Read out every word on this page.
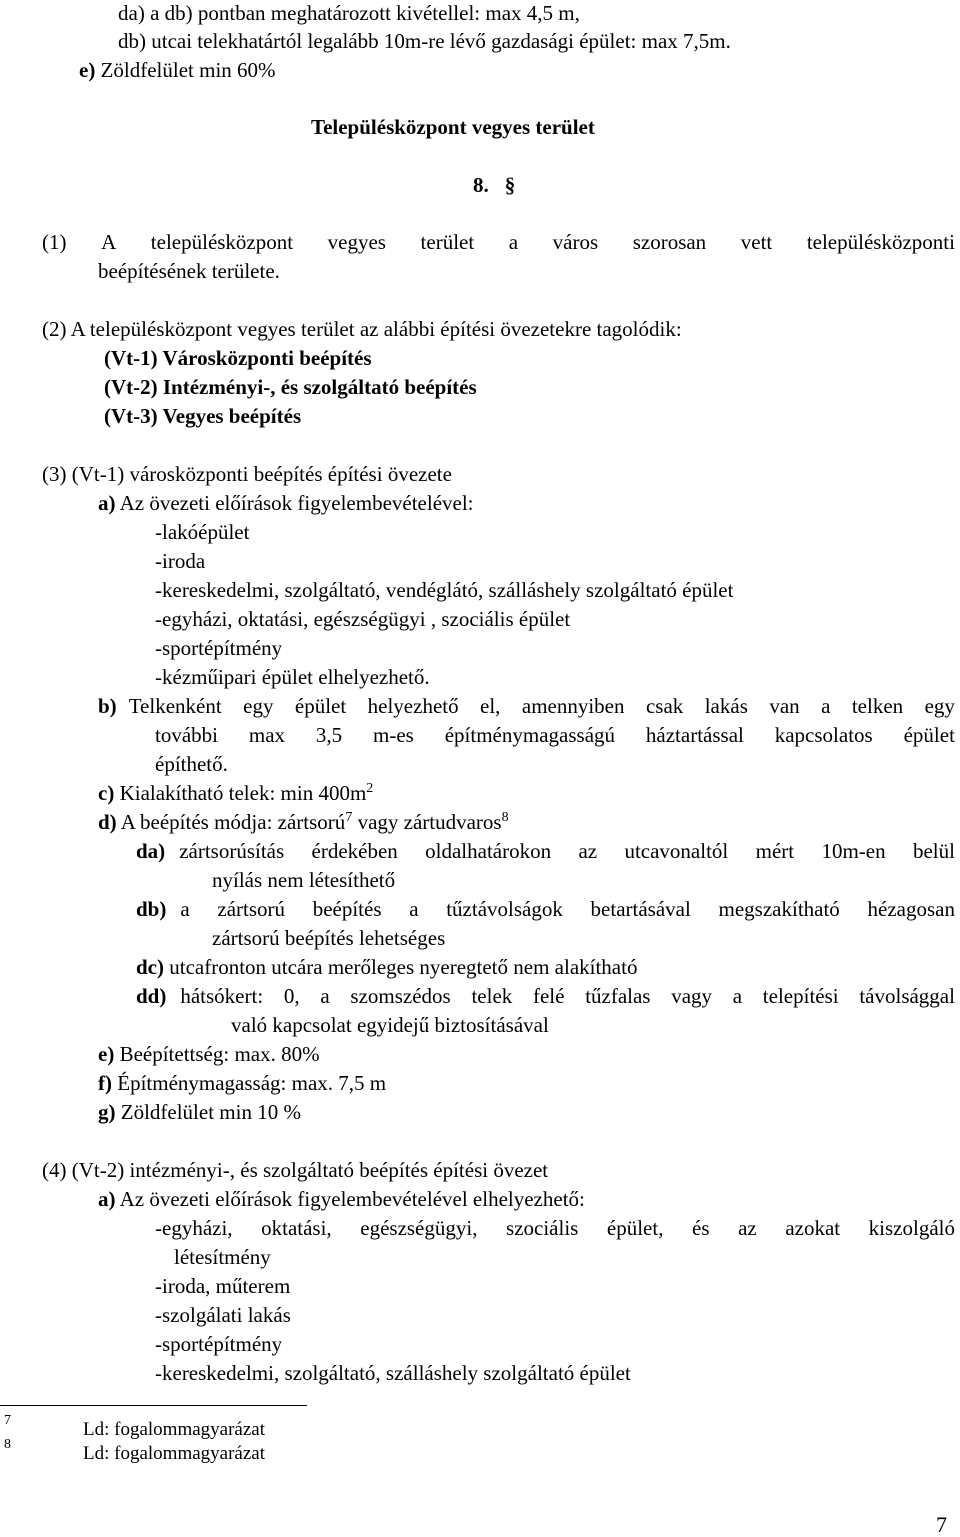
da) a db) pontban meghatározott kivétellel: max 4,5 m,
db) utcai telekhatártól legalább 10m-re lévő gazdasági épület: max 7,5m.
e) Zöldfelület min 60%
Településközpont vegyes terület
8. §
(1) A településközpont vegyes terület a város szorosan vett településközponti
beépítésének területe.
(2) A településközpont vegyes terület az alábbi építési övezetekre tagolódik:
(Vt-1) Városközponti beépítés
(Vt-2) Intézményi-, és szolgáltató beépítés
(Vt-3) Vegyes beépítés
(3) (Vt-1) városközponti beépítés építési övezete
a) Az övezeti előírások figyelembevételével:
-lakóépület
-iroda
-kereskedelmi, szolgáltató, vendéglátó, szálláshely szolgáltató épület
-egyházi, oktatási, egészségügyi , szociális épület
-sportépítmény
-kézműipari épület elhelyezhető.
b) Telkenként egy épület helyezhető el, amennyiben csak lakás van a telken egy
további max 3,5 m-es építménymagasságú háztartással kapcsolatos épület
építhető.
c) Kialakítható telek: $\min 400m^2$
d) A beépítés módja: zártsorú$^7$ vagy zártudvaros$^8$
da) zártsorúsítás érdekében oldalhatárokon az utcavonaltól mért 10m-en belül
nyílás nem létesíthető
db) a zártsorú beépítés a tűztávolságok betartásával megszakítható hézagosan
zártsorú beépítés lehetséges
dc) utcafronton utcára merőleges nyeregtető nem alakítható
dd) hátsókert: 0, a szomszédos telek felé tűzfalas vagy a telepítési távolsággal
való kapcsolat egyidejű biztosításával
e) Beépítettség: max. 80%
f) Építménymagasság: max. 7,5 m
g) Zöldfelület min 10 %
(4) (Vt-2) intézményi-, és szolgáltató beépítés építési övezet
a) Az övezeti előírások figyelembevételével elhelyezhető:
-egyházi, oktatási, egészségügyi, szociális épület, és az azokat kiszolgáló
létesítmény
-iroda, műterem
-szolgálati lakás
-sportépítmény
-kereskedelmi, szolgáltató, szálláshely szolgáltató épület
7	Ld: fogalommagyarázat
8	Ld: fogalommagyarázat
7
